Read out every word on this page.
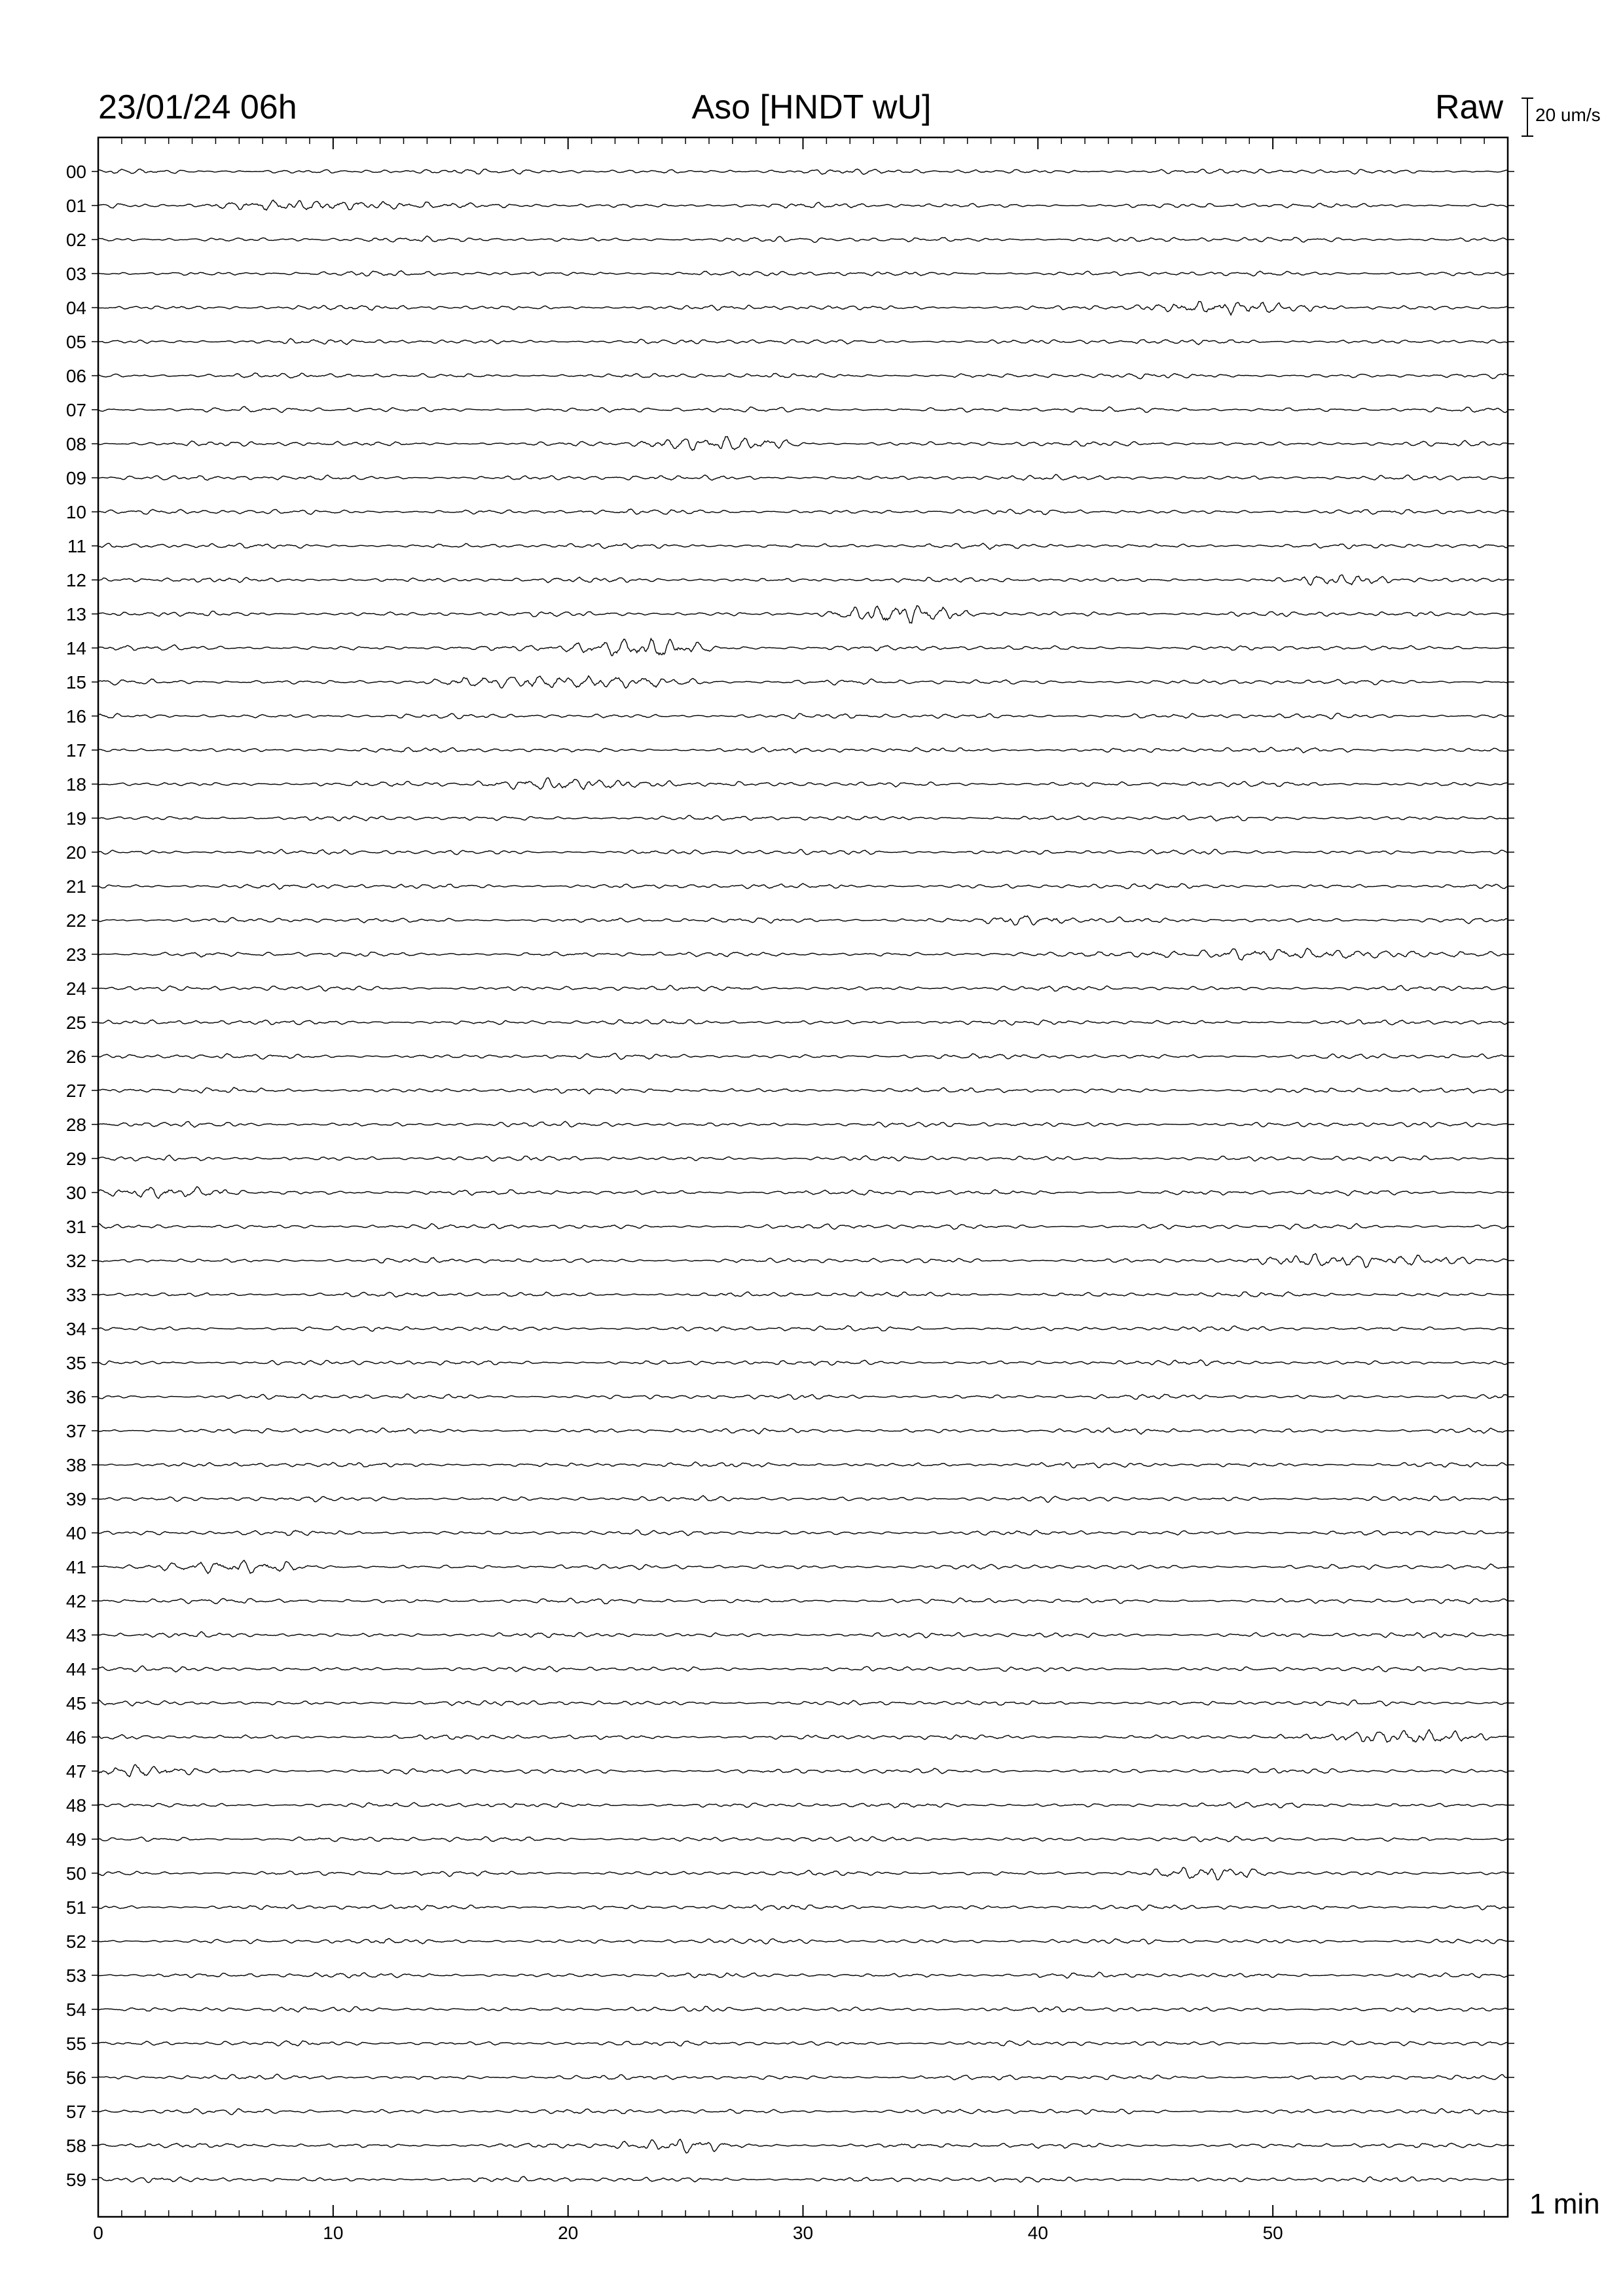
23/01/24 06h	Aso [HNDT wU]	Raw 20 um/s
1 min
0	10	20	30	40	50
00
01
02
03
04
05
06
07
08
09
10
11
12
13
14
15
16
17
18
19
20
21
22
23
24
25
26
27
28
29
30
31
32
33
34
35
36
37
38
39
40
41
42
43
44
45
46
47
48
49
50
51
52
53
54
55
56
57
58
59
